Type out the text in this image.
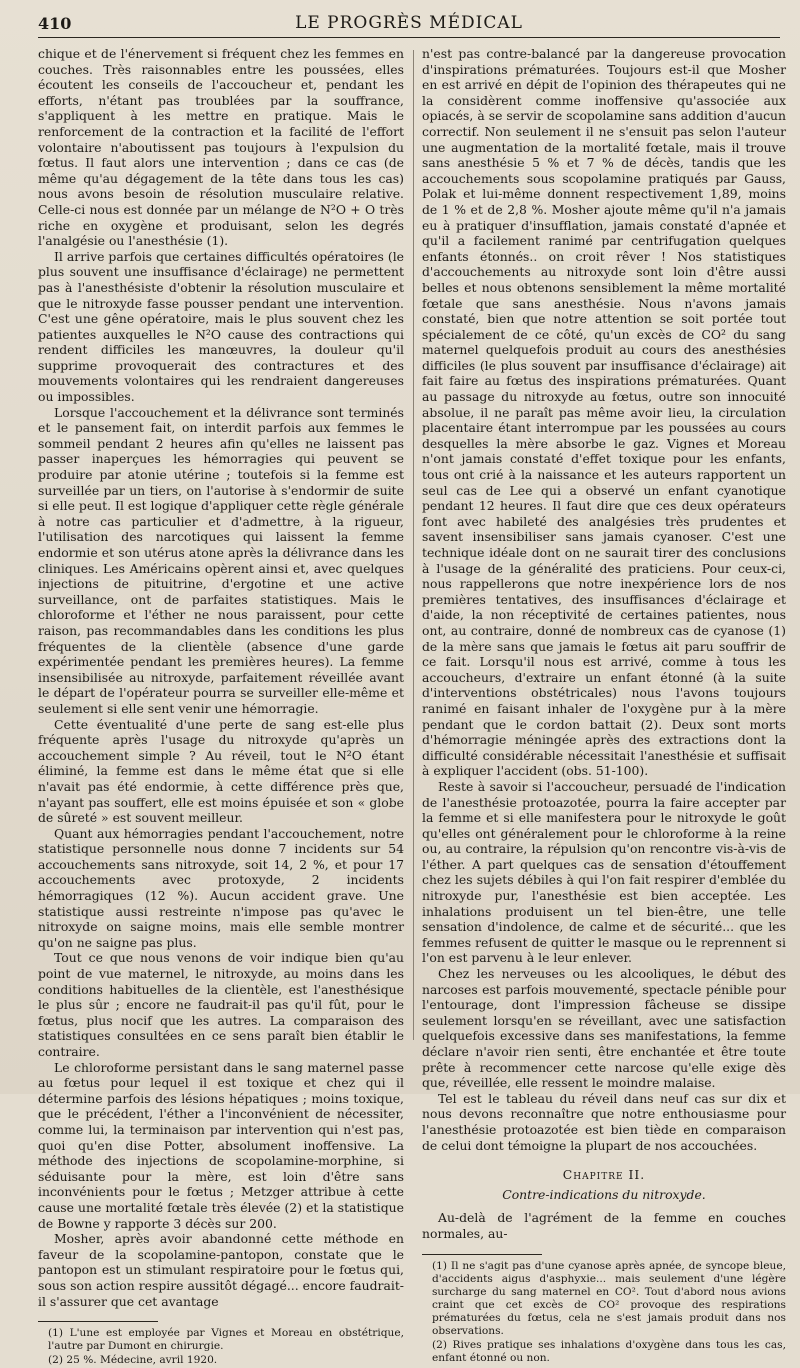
410	LE PROGRÈS MÉDICAL

chique et de l'énervement si fréquent chez les femmes en couches. Très raisonnables entre les poussées, elles écoutent les conseils de l'accoucheur et, pendant les efforts, n'étant pas troublées par la souffrance, s'appliquent à les mettre en pratique. Mais le renforcement de la contraction et la facilité de l'effort volontaire n'aboutissent pas toujours à l'expulsion du fœtus. Il faut alors une intervention ; dans ce cas (de même qu'au dégagement de la tête dans tous les cas) nous avons besoin de résolution musculaire relative. Celle-ci nous est donnée par un mélange de N²O + O très riche en oxygène et produisant, selon les degrés l'analgésie ou l'anesthésie (1).

Il arrive parfois que certaines difficultés opératoires (le plus souvent une insuffisance d'éclairage) ne permettent pas à l'anesthésiste d'obtenir la résolution musculaire et que le nitroxyde fasse pousser pendant une intervention. C'est une gêne opératoire, mais le plus souvent chez les patientes auxquelles le N²O cause des contractions qui rendent difficiles les manœuvres, la douleur qu'il supprime provoquerait des contractures et des mouvements volontaires qui les rendraient dangereuses ou impossibles.

Lorsque l'accouchement et la délivrance sont terminés et le pansement fait, on interdit parfois aux femmes le sommeil pendant 2 heures afin qu'elles ne laissent pas passer inaperçues les hémorragies qui peuvent se produire par atonie utérine ; toutefois si la femme est surveillée par un tiers, on l'autorise à s'endormir de suite si elle peut. Il est logique d'appliquer cette règle générale à notre cas particulier et d'admettre, à la rigueur, l'utilisation des narcotiques qui laissent la femme endormie et son utérus atone après la délivrance dans les cliniques. Les Américains opèrent ainsi et, avec quelques injections de pituitrine, d'ergotine et une active surveillance, ont de parfaites statistiques. Mais le chloroforme et l'éther ne nous paraissent, pour cette raison, pas recommandables dans les conditions les plus fréquentes de la clientèle (absence d'une garde expérimentée pendant les premières heures). La femme insensibilisée au nitroxyde, parfaitement réveillée avant le départ de l'opérateur pourra se surveiller elle-même et seulement si elle sent venir une hémorragie.

Cette éventualité d'une perte de sang est-elle plus fréquente après l'usage du nitroxyde qu'après un accouchement simple ? Au réveil, tout le N²O étant éliminé, la femme est dans le même état que si elle n'avait pas été endormie, à cette différence près que, n'ayant pas souffert, elle est moins épuisée et son « globe de sûreté » est souvent meilleur.

Quant aux hémorragies pendant l'accouchement, notre statistique personnelle nous donne 7 incidents sur 54 accouchements sans nitroxyde, soit 14, 2 %, et pour 17 accouchements avec protoxyde, 2 incidents hémorragiques (12 %). Aucun accident grave. Une statistique aussi restreinte n'impose pas qu'avec le nitroxyde on saigne moins, mais elle semble montrer qu'on ne saigne pas plus.

Tout ce que nous venons de voir indique bien qu'au point de vue maternel, le nitroxyde, au moins dans les conditions habituelles de la clientèle, est l'anesthésique le plus sûr ; encore ne faudrait-il pas qu'il fût, pour le fœtus, plus nocif que les autres. La comparaison des statistiques consultées en ce sens paraît bien établir le contraire.

Le chloroforme persistant dans le sang maternel passe au fœtus pour lequel il est toxique et chez qui il détermine parfois des lésions hépatiques ; moins toxique, que le précédent, l'éther a l'inconvénient de nécessiter, comme lui, la terminaison par intervention qui n'est pas, quoi qu'en dise Potter, absolument inoffensive. La méthode des injections de scopolamine-morphine, si séduisante pour la mère, est loin d'être sans inconvénients pour le fœtus ; Metzger attribue à cette cause une mortalité fœtale très élevée (2) et la statistique de Bowne y rapporte 3 décès sur 200.

Mosher, après avoir abandonné cette méthode en faveur de la scopolamine-pantopon, constate que le pantopon est un stimulant respiratoire pour le fœtus qui, sous son action respire aussitôt dégagé... encore faudrait-il s'assurer que cet avantage

(1) L'une est employée par Vignes et Moreau en obstétrique, l'autre par Dumont en chirurgie.

(2) 25 %. Médecine, avril 1920.

n'est pas contre-balancé par la dangereuse provocation d'inspirations prématurées. Toujours est-il que Mosher en est arrivé en dépit de l'opinion des thérapeutes qui ne la considèrent comme inoffensive qu'associée aux opiacés, à se servir de scopolamine sans addition d'aucun correctif. Non seulement il ne s'ensuit pas selon l'auteur une augmentation de la mortalité fœtale, mais il trouve sans anesthésie 5 % et 7 % de décès, tandis que les accouchements sous scopolamine pratiqués par Gauss, Polak et lui-même donnent respectivement 1,89, moins de 1 % et de 2,8 %. Mosher ajoute même qu'il n'a jamais eu à pratiquer d'insufflation, jamais constaté d'apnée et qu'il a facilement ranimé par centrifugation quelques enfants étonnés.. on croit rêver ! Nos statistiques d'accouchements au nitroxyde sont loin d'être aussi belles et nous obtenons sensiblement la même mortalité fœtale que sans anesthésie. Nous n'avons jamais constaté, bien que notre attention se soit portée tout spécialement de ce côté, qu'un excès de CO² du sang maternel quelquefois produit au cours des anesthésies difficiles (le plus souvent par insuffisance d'éclairage) ait fait faire au fœtus des inspirations prématurées. Quant au passage du nitroxyde au fœtus, outre son innocuité absolue, il ne paraît pas même avoir lieu, la circulation placentaire étant interrompue par les poussées au cours desquelles la mère absorbe le gaz. Vignes et Moreau n'ont jamais constaté d'effet toxique pour les enfants, tous ont crié à la naissance et les auteurs rapportent un seul cas de Lee qui a observé un enfant cyanotique pendant 12 heures. Il faut dire que ces deux opérateurs font avec habileté des analgésies très prudentes et savent insensibiliser sans jamais cyanoser. C'est une technique idéale dont on ne saurait tirer des conclusions à l'usage de la généralité des praticiens. Pour ceux-ci, nous rappellerons que notre inexpérience lors de nos premières tentatives, des insuffisances d'éclairage et d'aide, la non réceptivité de certaines patientes, nous ont, au contraire, donné de nombreux cas de cyanose (1) de la mère sans que jamais le fœtus ait paru souffrir de ce fait. Lorsqu'il nous est arrivé, comme à tous les accoucheurs, d'extraire un enfant étonné (à la suite d'interventions obstétricales) nous l'avons toujours ranimé en faisant inhaler de l'oxygène pur à la mère pendant que le cordon battait (2). Deux sont morts d'hémorragie méningée après des extractions dont la difficulté considérable nécessitait l'anesthésie et suffisait à expliquer l'accident (obs. 51-100).

Reste à savoir si l'accoucheur, persuadé de l'indication de l'anesthésie protoazotée, pourra la faire accepter par la femme et si elle manifestera pour le nitroxyde le goût qu'elles ont généralement pour le chloroforme à la reine ou, au contraire, la répulsion qu'on rencontre vis-à-vis de l'éther. A part quelques cas de sensation d'étouffement chez les sujets débiles à qui l'on fait respirer d'emblée du nitroxyde pur, l'anesthésie est bien acceptée. Les inhalations produisent un tel bien-être, une telle sensation d'indolence, de calme et de sécurité... que les femmes refusent de quitter le masque ou le reprennent si l'on est parvenu à le leur enlever.

Chez les nerveuses ou les alcooliques, le début des narcoses est parfois mouvementé, spectacle pénible pour l'entourage, dont l'impression fâcheuse se dissipe seulement lorsqu'en se réveillant, avec une satisfaction quelquefois excessive dans ses manifestations, la femme déclare n'avoir rien senti, être enchantée et être toute prête à recommencer cette narcose qu'elle exige dès que, réveillée, elle ressent le moindre malaise.

Tel est le tableau du réveil dans neuf cas sur dix et nous devons reconnaître que notre enthousiasme pour l'anesthésie protoazotée est bien tiède en comparaison de celui dont témoigne la plupart de nos accouchées.

Chapitre II.
Contre-indications du nitroxyde.

Au-delà de l'agrément de la femme en couches normales, au-

(1) Il ne s'agit pas d'une cyanose après apnée, de syncope bleue, d'accidents aigus d'asphyxie... mais seulement d'une légère surcharge du sang maternel en CO². Tout d'abord nous avions craint que cet excès de CO² provoque des respirations prématurées du fœtus, cela ne s'est jamais produit dans nos observations.

(2) Rives pratique ses inhalations d'oxygène dans tous les cas, enfant étonné ou non.
